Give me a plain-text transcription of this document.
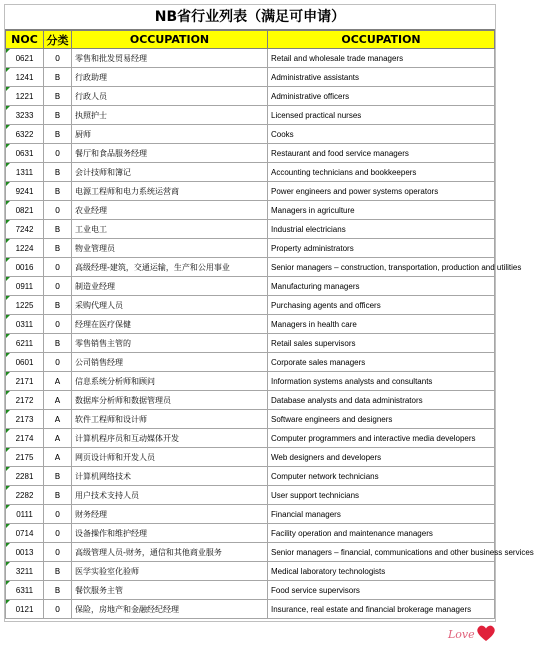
NB省行业列表（满足可申请）
NOC	分类	OCCUPATION	OCCUPATION
0621	0	零售和批发贸易经理	Retail and wholesale trade managers
1241	B	行政助理	Administrative assistants
1221	B	行政人员	Administrative officers
3233	B	执照护士	Licensed practical nurses
6322	B	厨师	Cooks
0631	0	餐厅和食品服务经理	Restaurant and food service managers
1311	B	会计技师和簿记	Accounting technicians and bookkeepers
9241	B	电源工程师和电力系统运营商	Power engineers and power systems operators
0821	0	农业经理	Managers in agriculture
7242	B	工业电工	Industrial electricians
1224	B	物业管理员	Property administrators
0016	0	高级经理-建筑，交通运输，生产和公用事业	Senior managers – construction, transportation, production and utilities
0911	0	制造业经理	Manufacturing managers
1225	B	采购代理人员	Purchasing agents and officers
0311	0	经理在医疗保健	Managers in health care
6211	B	零售销售主管的	Retail sales supervisors
0601	0	公司销售经理	Corporate sales managers
2171	A	信息系统分析师和顾问	Information systems analysts and consultants
2172	A	数据库分析师和数据管理员	Database analysts and data administrators
2173	A	软件工程师和设计师	Software engineers and designers
2174	A	计算机程序员和互动媒体开发	Computer programmers and interactive media developers
2175	A	网页设计师和开发人员	Web designers and developers
2281	B	计算机网络技术	Computer network technicians
2282	B	用户技术支持人员	User support technicians
0111	0	财务经理	Financial managers
0714	0	设备操作和维护经理	Facility operation and maintenance managers
0013	0	高级管理人员-财务，通信和其他商业服务	Senior managers – financial, communications and other business services
3211	B	医学实验室化验师	Medical laboratory technologists
6311	B	餐饮服务主管	Food service supervisors
0121	0	保险，房地产和金融经纪经理	Insurance, real estate and financial brokerage managers
Love
